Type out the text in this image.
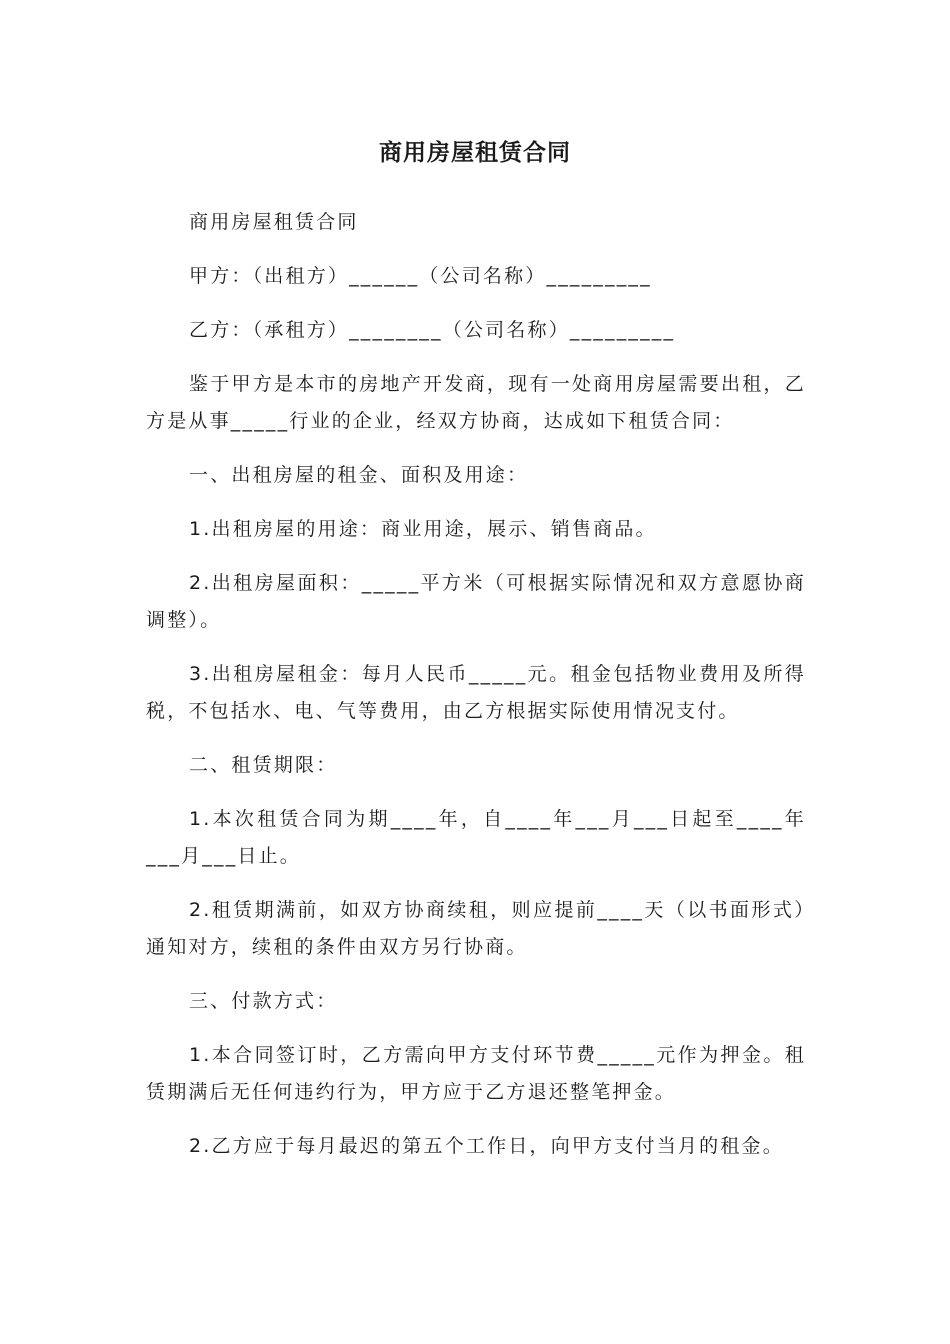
商用房屋租赁合同

商用房屋租赁合同

甲方：（出租方）______（公司名称）_________

乙方：（承租方）________（公司名称）_________

鉴于甲方是本市的房地产开发商，现有一处商用房屋需要出租，乙方是从事_____行业的企业，经双方协商，达成如下租赁合同：

一、出租房屋的租金、面积及用途：

1.出租房屋的用途：商业用途，展示、销售商品。

2.出租房屋面积：_____平方米（可根据实际情况和双方意愿协商调整）。

3.出租房屋租金：每月人民币_____元。租金包括物业费用及所得税，不包括水、电、气等费用，由乙方根据实际使用情况支付。

二、租赁期限：

1.本次租赁合同为期____年，自____年___月___日起至____年___月___日止。

2.租赁期满前，如双方协商续租，则应提前____天（以书面形式）通知对方，续租的条件由双方另行协商。

三、付款方式：

1.本合同签订时，乙方需向甲方支付环节费_____元作为押金。租赁期满后无任何违约行为，甲方应于乙方退还整笔押金。

2.乙方应于每月最迟的第五个工作日，向甲方支付当月的租金。
